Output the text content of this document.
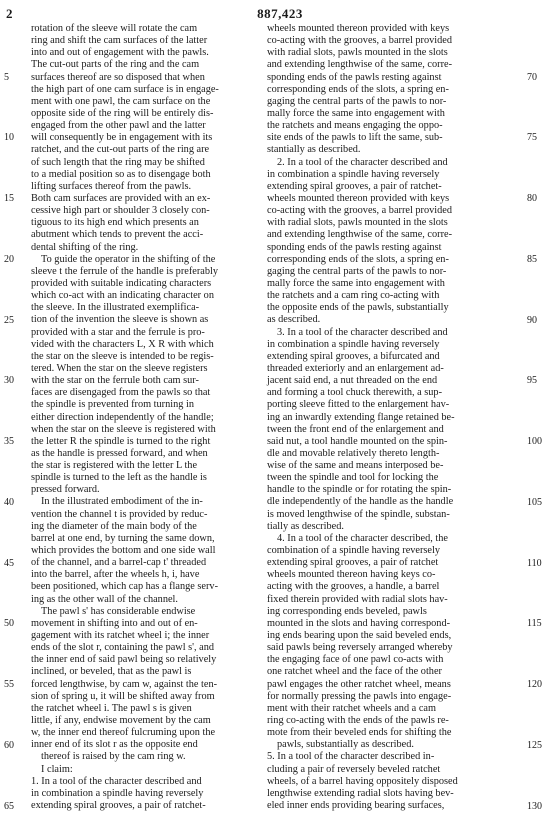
2	887,423
rotation of the sleeve will rotate the cam
ring and shift the cam surfaces of the latter
into and out of engagement with the pawls.
The cut-out parts of the ring and the cam
surfaces thereof are so disposed that when
the high part of one cam surface is in engage-
ment with one pawl, the cam surface on the
opposite side of the ring will be entirely dis-
engaged from the other pawl and the latter
will consequently be in engagement with its
ratchet, and the cut-out parts of the ring are
of such length that the ring may be shifted
to a medial position so as to disengage both
lifting surfaces thereof from the pawls.
Both cam surfaces are provided with an ex-
cessive high part or shoulder 3 closely con-
tiguous to its high end which presents an
abutment which tends to prevent the acci-
dental shifting of the ring.
To guide the operator in the shifting of the
sleeve t the ferrule of the handle is preferably
provided with suitable indicating characters
which co-act with an indicating character on
the sleeve. In the illustrated exemplifica-
tion of the invention the sleeve is shown as
provided with a star and the ferrule is pro-
vided with the characters L, X R with which
the star on the sleeve is intended to be regis-
tered. When the star on the sleeve registers
with the star on the ferrule both cam sur-
faces are disengaged from the pawls so that
the spindle is prevented from turning in
either direction independently of the handle;
when the star on the sleeve is registered with
the letter R the spindle is turned to the right
as the handle is pressed forward, and when
the star is registered with the letter L the
spindle is turned to the left as the handle is
pressed forward.
In the illustrated embodiment of the in-
vention the channel t is provided by reduc-
ing the diameter of the main body of the
barrel at one end, by turning the same down,
which provides the bottom and one side wall
of the channel, and a barrel-cap t' threaded
into the barrel, after the wheels h, i, have
been positioned, which cap has a flange serv-
ing as the other wall of the channel.
The pawl s' has considerable endwise
movement in shifting into and out of en-
gagement with its ratchet wheel i; the inner
ends of the slot r, containing the pawl s', and
the inner end of said pawl being so relatively
inclined, or beveled, that as the pawl is
forced lengthwise, by cam w, against the ten-
sion of spring u, it will be shifted away from
the ratchet wheel i. The pawl s is given
little, if any, endwise movement by the cam
w, the inner end thereof fulcruming upon the
inner end of its slot r as the opposite end
thereof is raised by the cam ring w.
I claim:
1. In a tool of the character described and
in combination a spindle having reversely
extending spiral grooves, a pair of ratchet-
wheels mounted thereon provided with keys
co-acting with the grooves, a barrel provided
with radial slots, pawls mounted in the slots
and extending lengthwise of the same, corre-
sponding ends of the pawls resting against
corresponding ends of the slots, a spring en-
gaging the central parts of the pawls to nor-
mally force the same into engagement with
the ratchets and means engaging the oppo-
site ends of the pawls to lift the same, sub-
stantially as described.
2. In a tool of the character described and
in combination a spindle having reversely
extending spiral grooves, a pair of ratchet-
wheels mounted thereon provided with keys
co-acting with the grooves, a barrel provided
with radial slots, pawls mounted in the slots
and extending lengthwise of the same, corre-
sponding ends of the pawls resting against
corresponding ends of the slots, a spring en-
gaging the central parts of the pawls to nor-
mally force the same into engagement with
the ratchets and a cam ring co-acting with
the opposite ends of the pawls, substantially
as described.
3. In a tool of the character described and
in combination a spindle having reversely
extending spiral grooves, a bifurcated and
threaded exteriorly and an enlargement ad-
jacent said end, a nut threaded on the end
and forming a tool chuck therewith, a sup-
porting sleeve fitted to the enlargement hav-
ing an inwardly extending flange retained be-
tween the front end of the enlargement and
said nut, a tool handle mounted on the spin-
dle and movable relatively thereto length-
wise of the same and means interposed be-
tween the spindle and tool for locking the
handle to the spindle or for rotating the spin-
dle independently of the handle as the handle
is moved lengthwise of the spindle, substan-
tially as described.
4. In a tool of the character described, the
combination of a spindle having reversely
extending spiral grooves, a pair of ratchet
wheels mounted thereon having keys co-
acting with the grooves, a handle, a barrel
fixed therein provided with radial slots hav-
ing corresponding ends beveled, pawls
mounted in the slots and having correspond-
ing ends bearing upon the said beveled ends,
said pawls being reversely arranged whereby
the engaging face of one pawl co-acts with
one ratchet wheel and the face of the other
pawl engages the other ratchet wheel, means
for normally pressing the pawls into engage-
ment with their ratchet wheels and a cam
ring co-acting with the ends of the pawls re-
mote from their beveled ends for shifting the
pawls, substantially as described.
5. In a tool of the character described in-
cluding a pair of reversely beveled ratchet
wheels, of a barrel having oppositely disposed
lengthwise extending radial slots having bev-
eled inner ends providing bearing surfaces,
5
10
15
20
25
30
35
40
45
50
55
60
65
70
75
80
85
90
95
100
105
110
115
120
125
130
